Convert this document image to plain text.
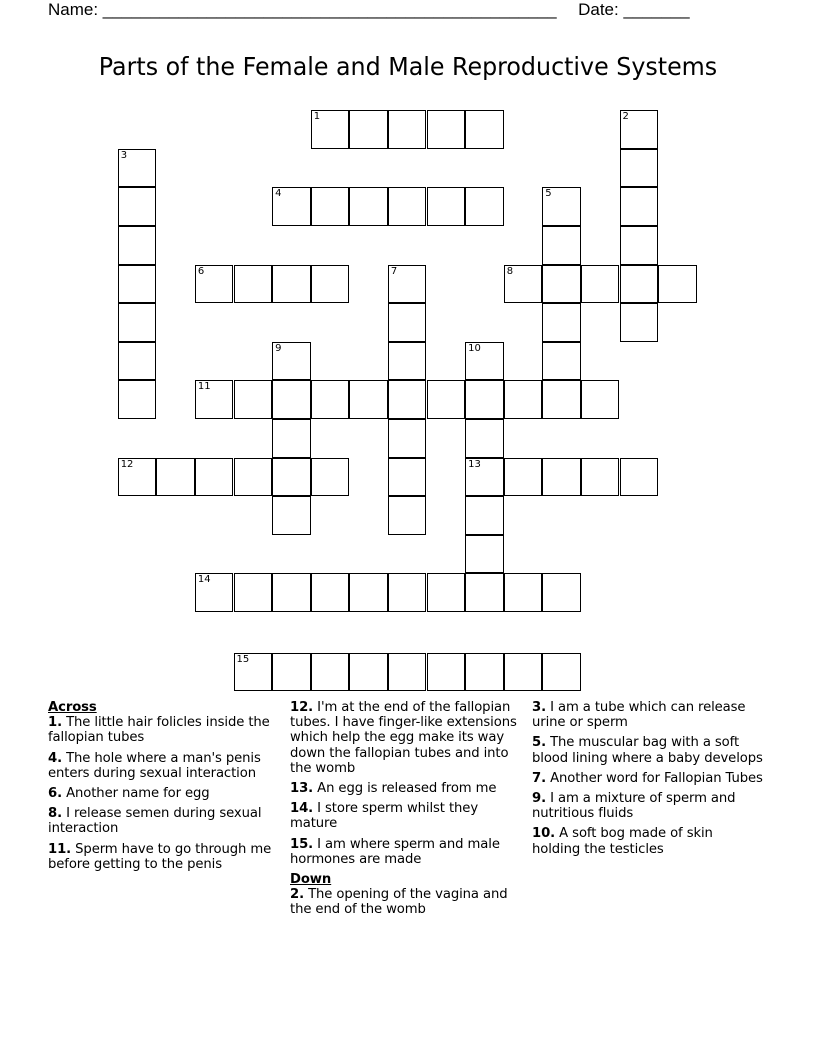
Name: ________________________________________________ Date: _______
Parts of the Female and Male Reproductive Systems
1	2
3
4	5
6	7	8
9	10
13
11
12
14
15
Across
1. The little hair folicles inside the fallopian tubes
4. The hole where a man's penis enters during sexual interaction
6. Another name for egg
8. I release semen during sexual interaction
11. Sperm have to go through me before getting to the penis
12. I'm at the end of the fallopian tubes. I have finger-like extensions which help the egg make its way down the fallopian tubes and into the womb
13. An egg is released from me
14. I store sperm whilst they mature
15. I am where sperm and male hormones are made
Down
2. The opening of the vagina and the end of the womb
3. I am a tube which can release urine or sperm
5. The muscular bag with a soft blood lining where a baby develops
7. Another word for Fallopian Tubes
9. I am a mixture of sperm and nutritious fluids
10. A soft bog made of skin holding the testicles
